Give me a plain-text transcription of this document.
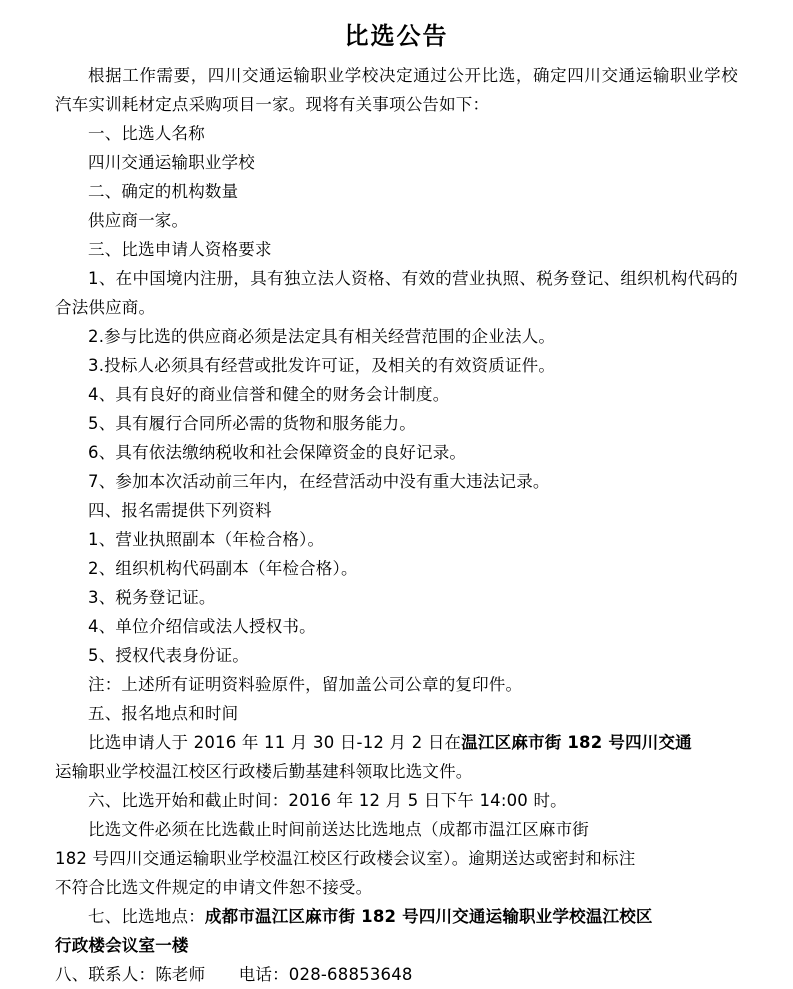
比选公告
根据工作需要，四川交通运输职业学校决定通过公开比选，确定四川交通运输职业学校汽车实训耗材定点采购项目一家。现将有关事项公告如下：
一、比选人名称
四川交通运输职业学校
二、确定的机构数量
供应商一家。
三、比选申请人资格要求
1、在中国境内注册，具有独立法人资格、有效的营业执照、税务登记、组织机构代码的合法供应商。
2.参与比选的供应商必须是法定具有相关经营范围的企业法人。
3.投标人必须具有经营或批发许可证，及相关的有效资质证件。
4、具有良好的商业信誉和健全的财务会计制度。
5、具有履行合同所必需的货物和服务能力。
6、具有依法缴纳税收和社会保障资金的良好记录。
7、参加本次活动前三年内，在经营活动中没有重大违法记录。
四、报名需提供下列资料
1、营业执照副本（年检合格）。
2、组织机构代码副本（年检合格）。
3、税务登记证。
4、单位介绍信或法人授权书。
5、授权代表身份证。
注：上述所有证明资料验原件，留加盖公司公章的复印件。
五、报名地点和时间
比选申请人于 2016 年 11 月 30 日-12 月 2 日在温江区麻市街 182 号四川交通
运输职业学校温江校区行政楼后勤基建科领取比选文件。
六、比选开始和截止时间：2016 年 12 月 5 日下午 14:00 时。
比选文件必须在比选截止时间前送达比选地点（成都市温江区麻市街
182 号四川交通运输职业学校温江校区行政楼会议室）。逾期送达或密封和标注
不符合比选文件规定的申请文件恕不接受。
七、比选地点：成都市温江区麻市街 182 号四川交通运输职业学校温江校区
行政楼会议室一楼
八、联系人：陈老师　　电话：028-68853648
